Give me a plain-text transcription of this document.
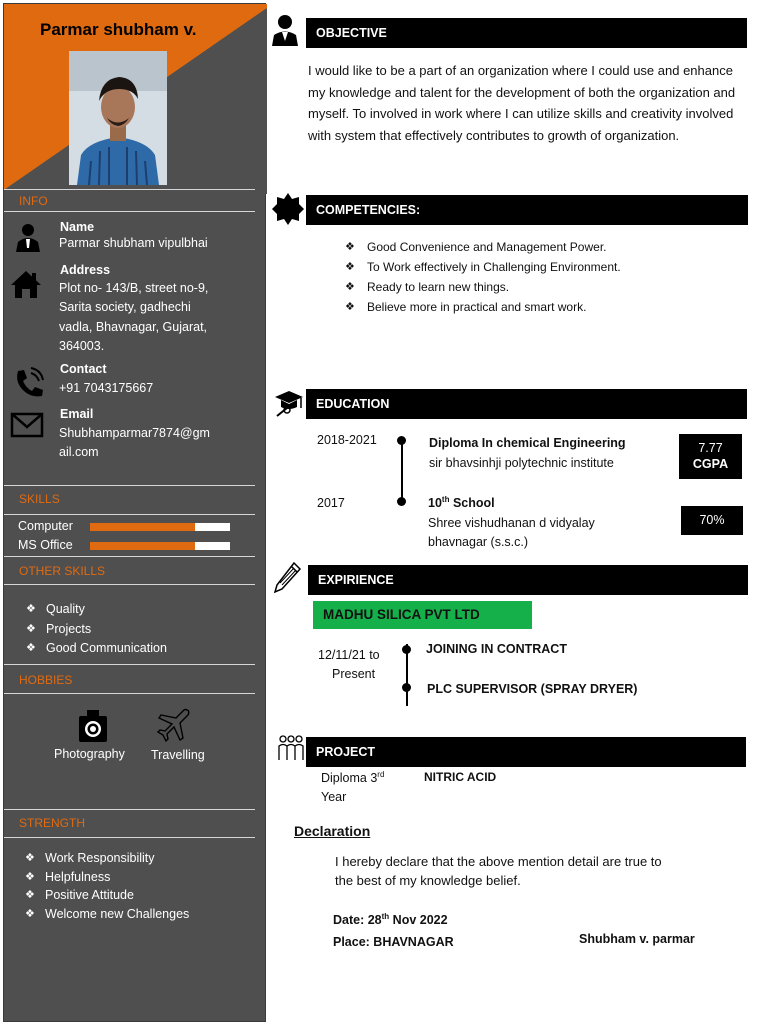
Parmar shubham v.
INFO
Name
Parmar shubham vipulbhai
Address
Plot no- 143/B, street no-9,
Sarita society, gadhechi
vadla, Bhavnagar, Gujarat,
364003.
Contact
+91 7043175667
Email
Shubhamparmar7874@gm
ail.com
SKILLS
Computer
MS Office
OTHER SKILLS
❖ Quality
❖ Projects
❖ Good Communication
HOBBIES
Photography Travelling
STRENGTH
❖ Work Responsibility
❖ Helpfulness
❖ Positive Attitude
❖ Welcome new Challenges
OBJECTIVE

I would like to be a part of an organization where I could use and enhance my knowledge and talent for the development of both the organization and myself. To involved in work where I can utilize skills and creativity involved with system that effectively contributes to growth of organization.

COMPETENCIES:
❖ Good Convenience and Management Power.
❖ To Work effectively in Challenging Environment.
❖ Ready to learn new things.
❖ Believe more in practical and smart work.
EDUCATION
2018-2021	Diploma In chemical Engineering
sir bhavsinhji polytechnic institute
7.77
CGPA
2017	10th School
Shree vishudhanan d vidyalay
bhavnagar (s.s.c.)
70%
EXPIRIENCE
MADHU SILICA PVT LTD
12/11/21 to
Present
JOINING IN CONTRACT
PLC SUPERVISOR (SPRAY DRYER)
PROJECT
Diploma 3rd
Year
NITRIC ACID
Declaration
I hereby declare that the above mention detail are true to
the best of my knowledge belief.
Date: 28th Nov 2022
Place: BHAVNAGAR	Shubham v. parmar
